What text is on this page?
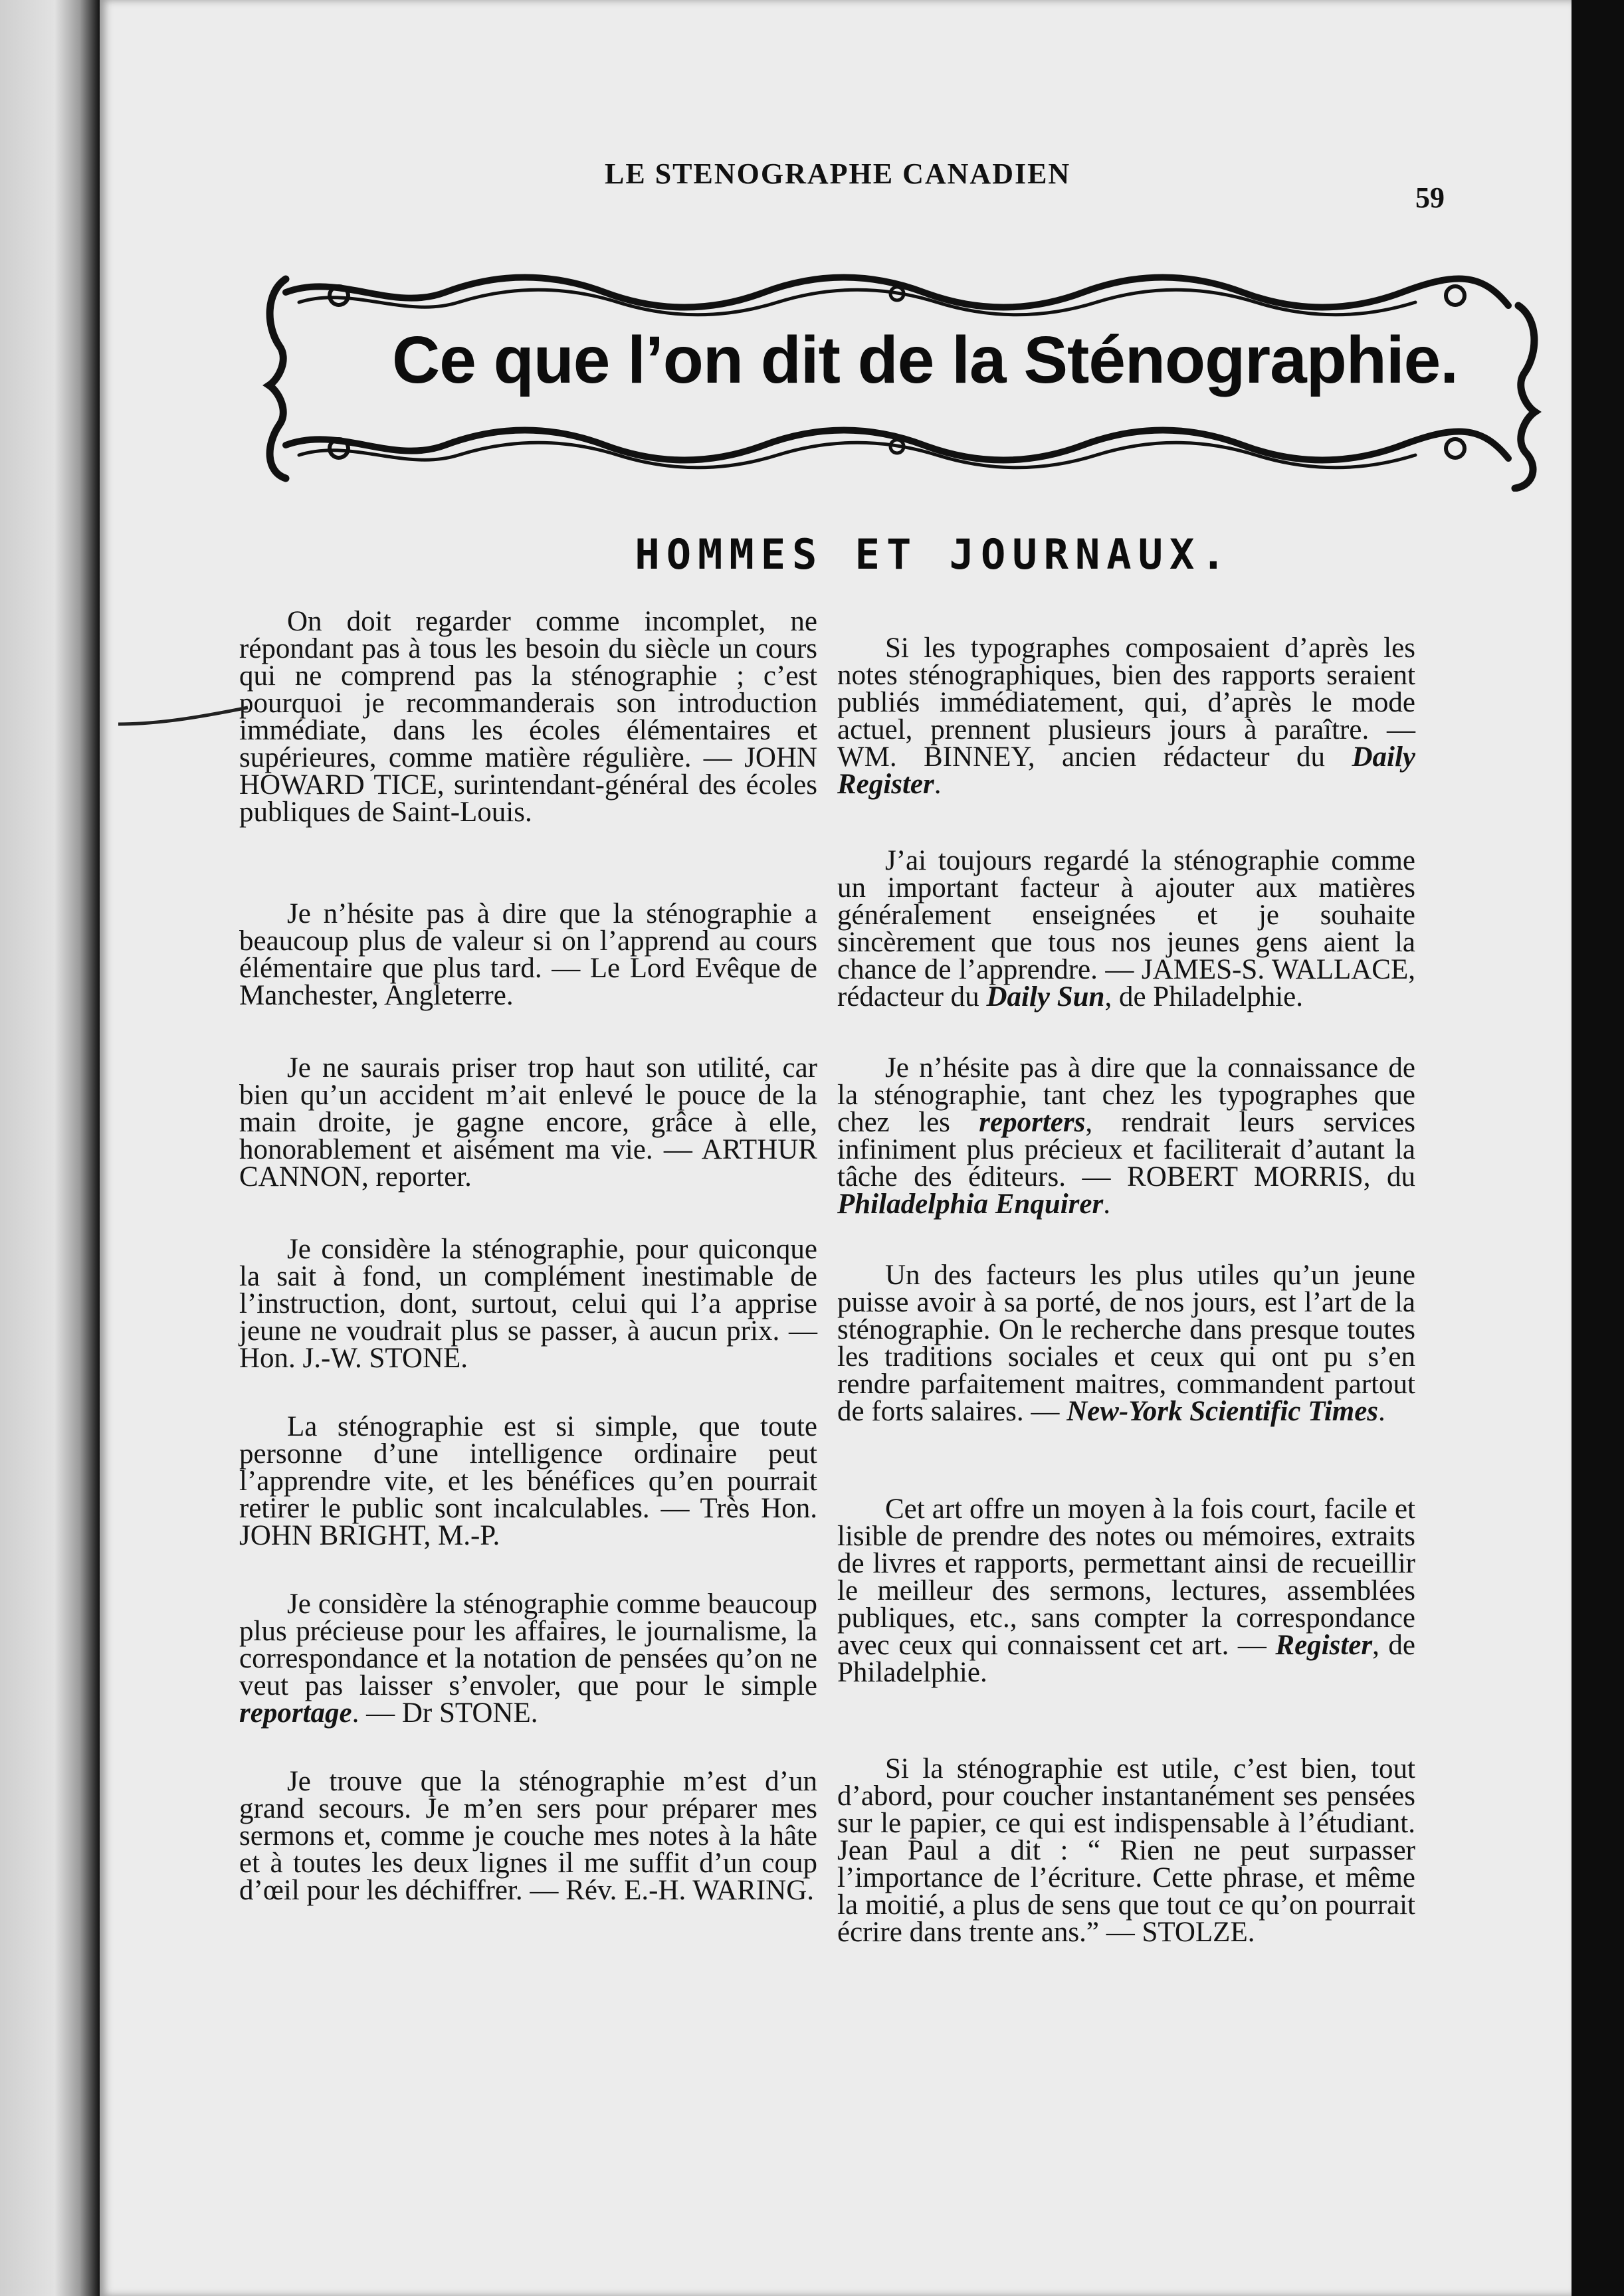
LE STENOGRAPHE CANADIEN
59
Ce que l’on dit de la Sténographie.
HOMMES ET JOURNAUX.

On doit regarder comme incomplet, ne répondant pas à tous les besoin du siècle un cours qui ne comprend pas la sténographie ; c’est pourquoi je recommanderais son introduction immédiate, dans les écoles élémentaires et supérieures, comme matière régulière. — JOHN HOWARD TICE, surintendant-général des écoles publiques de Saint-Louis.

Je n’hésite pas à dire que la sténographie a beaucoup plus de valeur si on l’apprend au cours élémentaire que plus tard. — Le Lord Evêque de Manchester, Angleterre.

Je ne saurais priser trop haut son utilité, car bien qu’un accident m’ait enlevé le pouce de la main droite, je gagne encore, grâce à elle, honorablement et aisément ma vie. — ARTHUR CANNON, reporter.

Je considère la sténographie, pour quiconque la sait à fond, un complément inestimable de l’instruction, dont, surtout, celui qui l’a apprise jeune ne voudrait plus se passer, à aucun prix. — Hon. J.-W. STONE.

La sténographie est si simple, que toute personne d’une intelligence ordinaire peut l’apprendre vite, et les bénéfices qu’en pourrait retirer le public sont incalculables. — Très Hon. JOHN BRIGHT, M.-P.

Je considère la sténographie comme beaucoup plus précieuse pour les affaires, le journalisme, la correspondance et la notation de pensées qu’on ne veut pas laisser s’envoler, que pour le simple reportage. — Dr STONE.

Je trouve que la sténographie m’est d’un grand secours. Je m’en sers pour préparer mes sermons et, comme je couche mes notes à la hâte et à toutes les deux lignes il me suffit d’un coup d’œil pour les déchiffrer. — Rév. E.-H. WARING.

Si les typographes composaient d’après les notes sténographiques, bien des rapports seraient publiés immédiatement, qui, d’après le mode actuel, prennent plusieurs jours à paraître. — WM. BINNEY, ancien rédacteur du Daily Register.

J’ai toujours regardé la sténographie comme un important facteur à ajouter aux matières généralement enseignées et je souhaite sincèrement que tous nos jeunes gens aient la chance de l’apprendre. — JAMES-S. WALLACE, rédacteur du Daily Sun, de Philadelphie.

Je n’hésite pas à dire que la connaissance de la sténographie, tant chez les typographes que chez les reporters, rendrait leurs services infiniment plus précieux et faciliterait d’autant la tâche des éditeurs. — ROBERT MORRIS, du Philadelphia Enquirer.

Un des facteurs les plus utiles qu’un jeune puisse avoir à sa porté, de nos jours, est l’art de la sténographie. On le recherche dans presque toutes les traditions sociales et ceux qui ont pu s’en rendre parfaitement maitres, commandent partout de forts salaires. — New-York Scientific Times.

Cet art offre un moyen à la fois court, facile et lisible de prendre des notes ou mémoires, extraits de livres et rapports, permettant ainsi de recueillir le meilleur des sermons, lectures, assemblées publiques, etc., sans compter la correspondance avec ceux qui connaissent cet art. — Register, de Philadelphie.

Si la sténographie est utile, c’est bien, tout d’abord, pour coucher instantanément ses pensées sur le papier, ce qui est indispensable à l’étudiant. Jean Paul a dit : “ Rien ne peut surpasser l’importance de l’écriture. Cette phrase, et même la moitié, a plus de sens que tout ce qu’on pourrait écrire dans trente ans.” — STOLZE.
